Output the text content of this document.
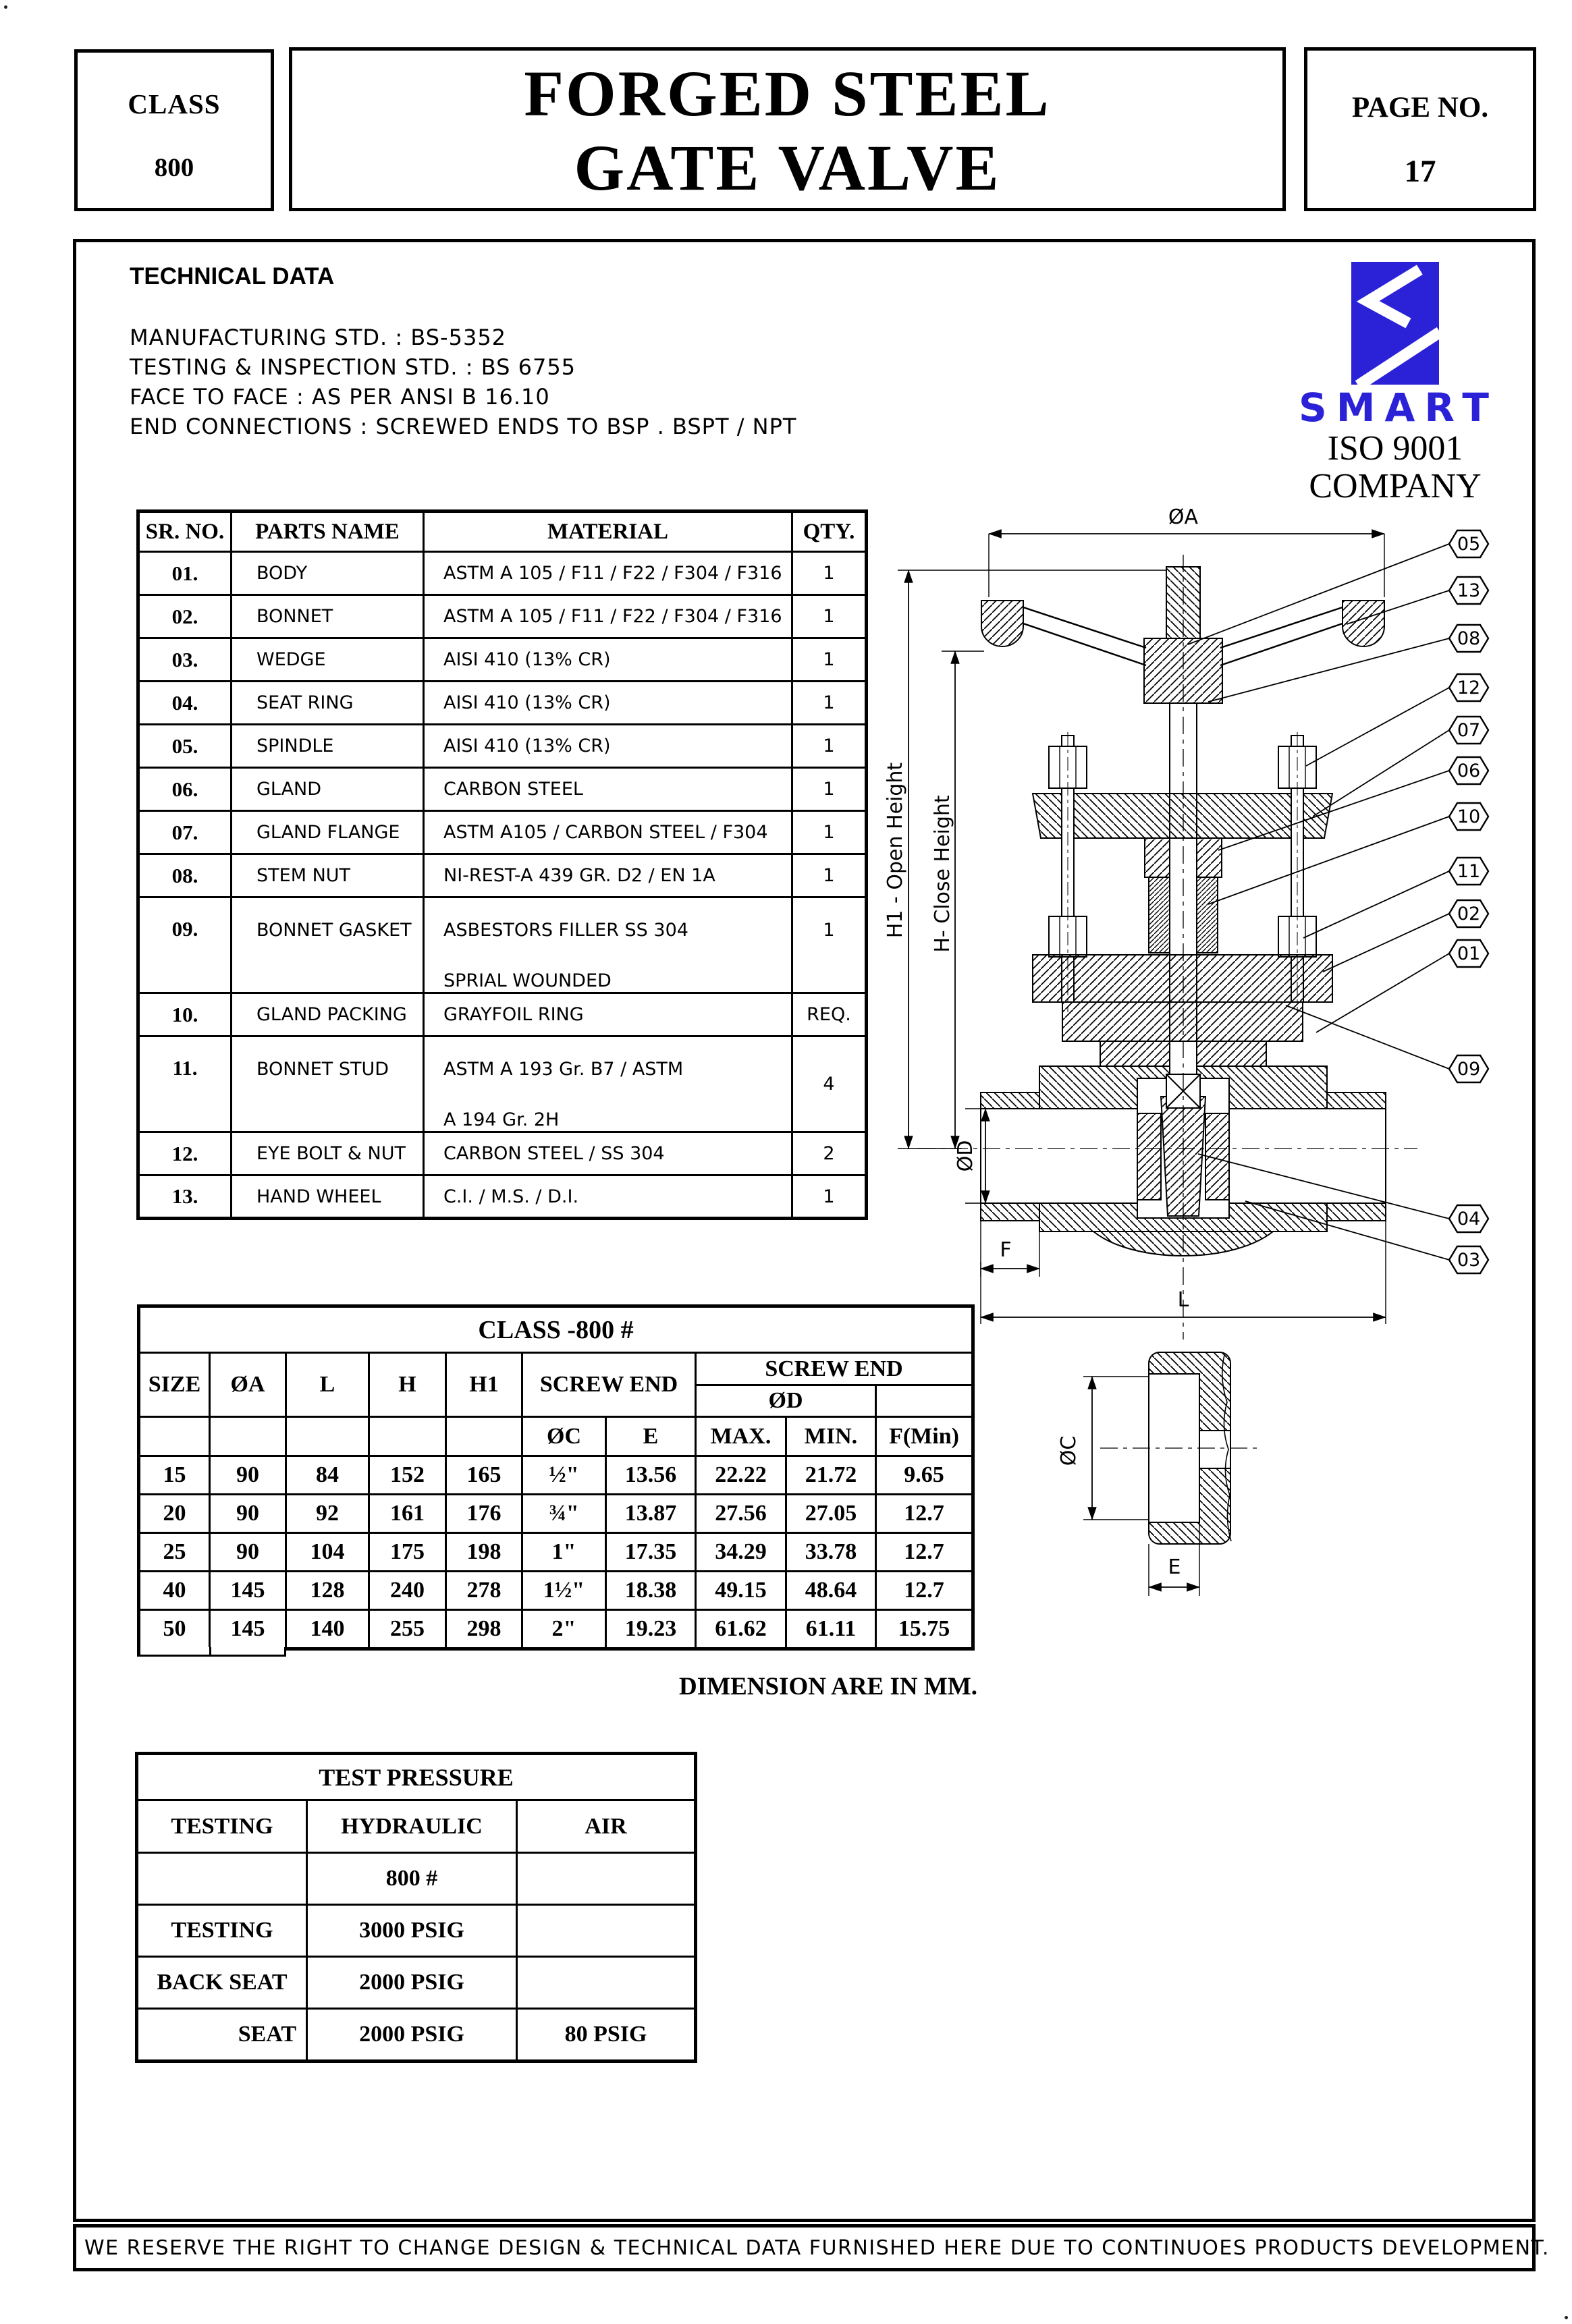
CLASS
800
FORGED STEEL
GATE VALVE
PAGE NO.
17
TECHNICAL DATA
MANUFACTURING STD. : BS-5352
TESTING & INSPECTION STD. : BS 6755
FACE TO FACE : AS PER ANSI B 16.10
END CONNECTIONS : SCREWED ENDS TO BSP . BSPT / NPT	SMART
ISO 9001
COMPANY
SR. NO.	PARTS NAME	MATERIAL	QTY.
01.	BODY	ASTM A 105 / F11 / F22 / F304 / F316	1
02.	BONNET	ASTM A 105 / F11 / F22 / F304 / F316	1
03.	WEDGE	AISI 410 (13% CR)	1
04.	SEAT RING	AISI 410 (13% CR)	1
05.	SPINDLE	AISI 410 (13% CR)	1
06.	GLAND	CARBON STEEL	1
07.	GLAND FLANGE	ASTM A105 / CARBON STEEL / F304	1
08.	STEM NUT	NI-REST-A 439 GR. D2 / EN 1A	1
09.	BONNET GASKET	ASBESTORS FILLER SS 304
SPRIAL WOUNDED	1
10.	GLAND PACKING	GRAYFOIL RING	REQ.
11.	BONNET STUD	ASTM A 193 Gr. B7 / ASTM
A 194 Gr. 2H	4
12.	EYE BOLT & NUT	CARBON STEEL / SS 304	2
13.	HAND WHEEL	C.I. / M.S. / D.I.	1
CLASS -800 #									
SIZE	ØA	L	H	H1	SCREW END		SCREW END		
							ØD		
					ØC	E	MAX.	MIN.	F(Min)
15	90	84	152	165	½"	13.56	22.22	21.72	9.65
20	90	92	161	176	¾"	13.87	27.56	27.05	12.7
25	90	104	175	198	1"	17.35	34.29	33.78	12.7
40	145	128	240	278	1½"	18.38	49.15	48.64	12.7
50	145	140	255	298	2"	19.23	61.62	61.11	15.75
DIMENSION ARE IN MM.
TEST PRESSURE		
TESTING	HYDRAULIC	AIR
	800 #	
TESTING	3000 PSIG	
BACK SEAT	2000 PSIG	
SEAT	2000 PSIG	80 PSIG
ØA
H1 - Open Height H- Close Height
ØD
F
L
ØC
E
05
13
08
12
07
06
10
11
02
01
09
04
03
WE RESERVE THE RIGHT TO CHANGE DESIGN & TECHNICAL DATA FURNISHED HERE DUE TO CONTINUOES PRODUCTS DEVELOPMENT.
